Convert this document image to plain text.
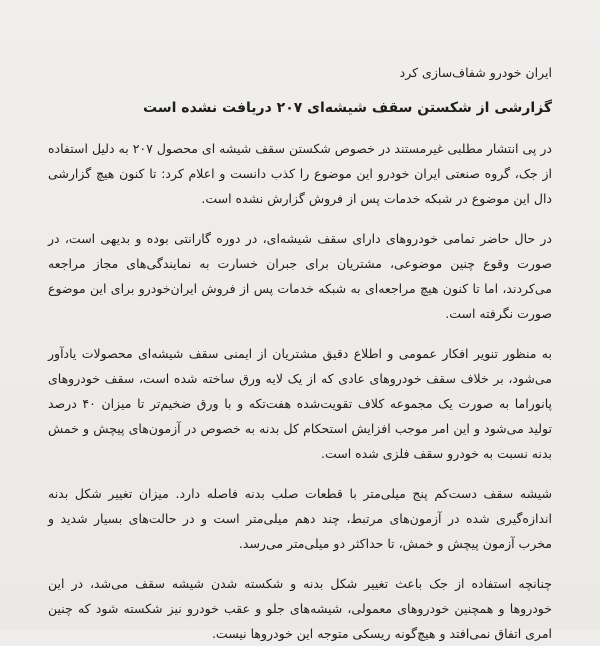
ایران خودرو شفاف‌سازی کرد

گزارشی از شکستن سقف شیشه‌ای ۲۰۷ دریافت نشده است

در پی انتشار مطلبی غیرمستند در خصوص شکستن سقف شیشه ای محصول ۲۰۷ به دلیل استفاده از جک، گروه صنعتی ایران خودرو این موضوع را کذب دانست و اعلام کرد: تا کنون هیچ گزارشی دال این موضوع در شبکه خدمات پس از فروش گزارش نشده است.

در حال حاضر تمامی خودروهای دارای سقف شیشه‌ای، در دوره گارانتی بوده و بدیهی است، در صورت وقوع چنین موضوعی، مشتریان برای جبران خسارت به نمایندگی‌های مجاز مراجعه می‌کردند، اما تا کنون هیچ مراجعه‌ای به شبکه خدمات پس از فروش ایران‌خودرو برای این موضوع صورت نگرفته است.

به منظور تنویر افکار عمومی و اطلاع دقیق مشتریان از ایمنی سقف شیشه‌ای محصولات یادآور می‌شود، بر خلاف سقف خودروهای عادی که از یک لایه ورق ساخته شده است، سقف خودروهای پانوراما به صورت یک مجموعه کلاف تقویت‌شده هفت‌تکه و با ورق ضخیم‌تر تا میزان ۴۰ درصد تولید می‌شود و این امر موجب افزایش استحکام کل بدنه به خصوص در آزمون‌های پیچش و خمش بدنه نسبت به خودرو سقف فلزی شده است.

شیشه سقف دست‌کم پنج میلی‌متر با قطعات صلب بدنه فاصله دارد. میزان تغییر شکل بدنه اندازه‌گیری شده در آزمون‌های مرتبط، چند دهم میلی‌متر است و در حالت‌های بسیار شدید و مخرب آزمون پیچش و خمش، تا حداکثر دو میلی‌متر می‌رسد.

چنانچه استفاده از جک باعث تغییر شکل بدنه و شکسته شدن شیشه سقف می‌شد، در این خودروها و همچنین خودروهای معمولی، شیشه‌های جلو و عقب خودرو نیز شکسته شود که چنین امری اتفاق نمی‌افتد و هیچ‌گونه ریسکی متوجه این خودروها نیست.
